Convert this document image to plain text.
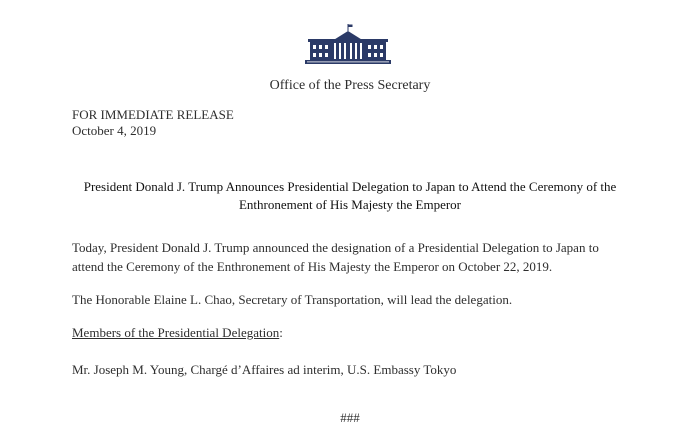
Office of the Press Secretary
FOR IMMEDIATE RELEASE
October 4, 2019
President Donald J. Trump Announces Presidential Delegation to Japan to Attend the Ceremony of the
Enthronement of His Majesty the Emperor

Today, President Donald J. Trump announced the designation of a Presidential Delegation to Japan to attend the Ceremony of the Enthronement of His Majesty the Emperor on October 22, 2019.

The Honorable Elaine L. Chao, Secretary of Transportation, will lead the delegation.

Members of the Presidential Delegation:

Mr. Joseph M. Young, Chargé d’Affaires ad interim, U.S. Embassy Tokyo

###
